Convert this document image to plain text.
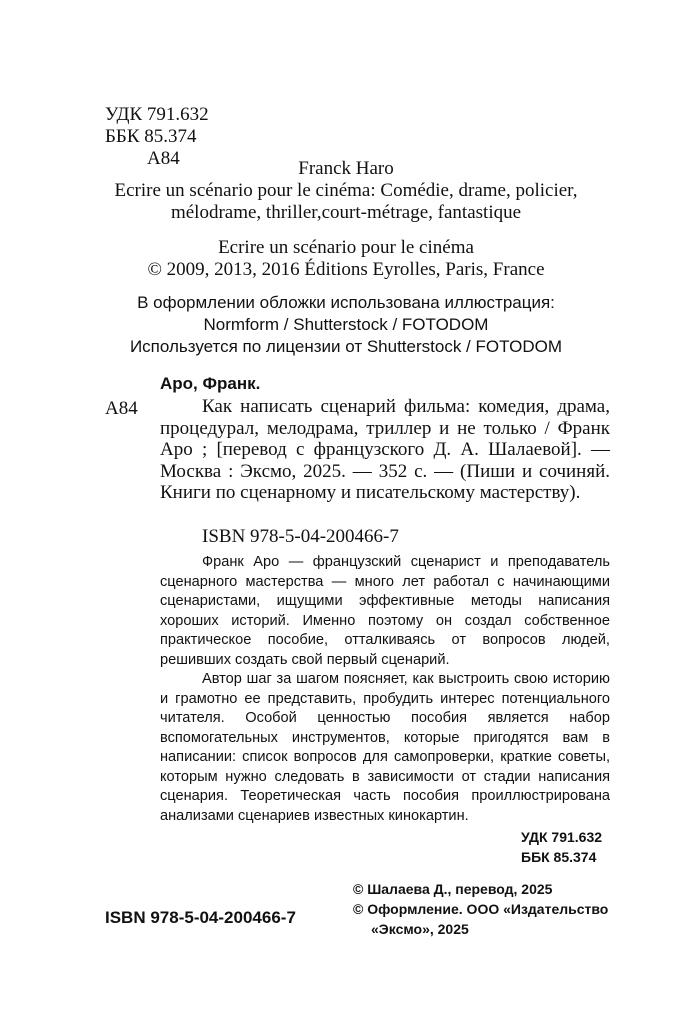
УДК 791.632
ББК 85.374
А84	Franck Haro
Ecrire un scénario pour le cinéma: Comédie, drame, policier,
mélodrame, thriller,court-métrage, fantastique
Ecrire un scénario pour le cinéma
© 2009, 2013, 2016 Éditions Eyrolles, Paris, France
В оформлении обложки использована иллюстрация:
Normform / Shutterstock / FOTODOM
Используется по лицензии от Shutterstock / FOTODOM
Аро, Франк.
А84	Как написать сценарий фильма: комедия, драма, процедурал, мелодрама, триллер и не только / Франк Аро ; [перевод с французского Д. А. Шалаевой]. — Москва : Эксмо, 2025. — 352 с. — (Пиши и сочиняй. Книги по сценарному и писательскому мастерству).

ISBN 978-5-04-200466-7

Франк Аро — французский сценарист и преподаватель сценарного мастерства — много лет работал с начинающими сценаристами, ищущими эффективные методы написания хороших историй. Именно поэтому он создал собственное практическое пособие, отталкиваясь от вопросов людей, решивших создать свой первый сценарий.

Автор шаг за шагом поясняет, как выстроить свою историю и грамотно ее представить, пробудить интерес потенциального читателя. Особой ценностью пособия является набор вспомогательных инструментов, которые пригодятся вам в написании: список вопросов для самопроверки, краткие советы, которым нужно следовать в зависимости от стадии написания сценария. Теоретическая часть пособия проиллюстрирована анализами сценариев известных кинокартин.

УДК 791.632
ББК 85.374
ISBN 978-5-04-200466-7
© Шалаева Д., перевод, 2025
© Оформление. ООО «Издательство
«Эксмо», 2025
